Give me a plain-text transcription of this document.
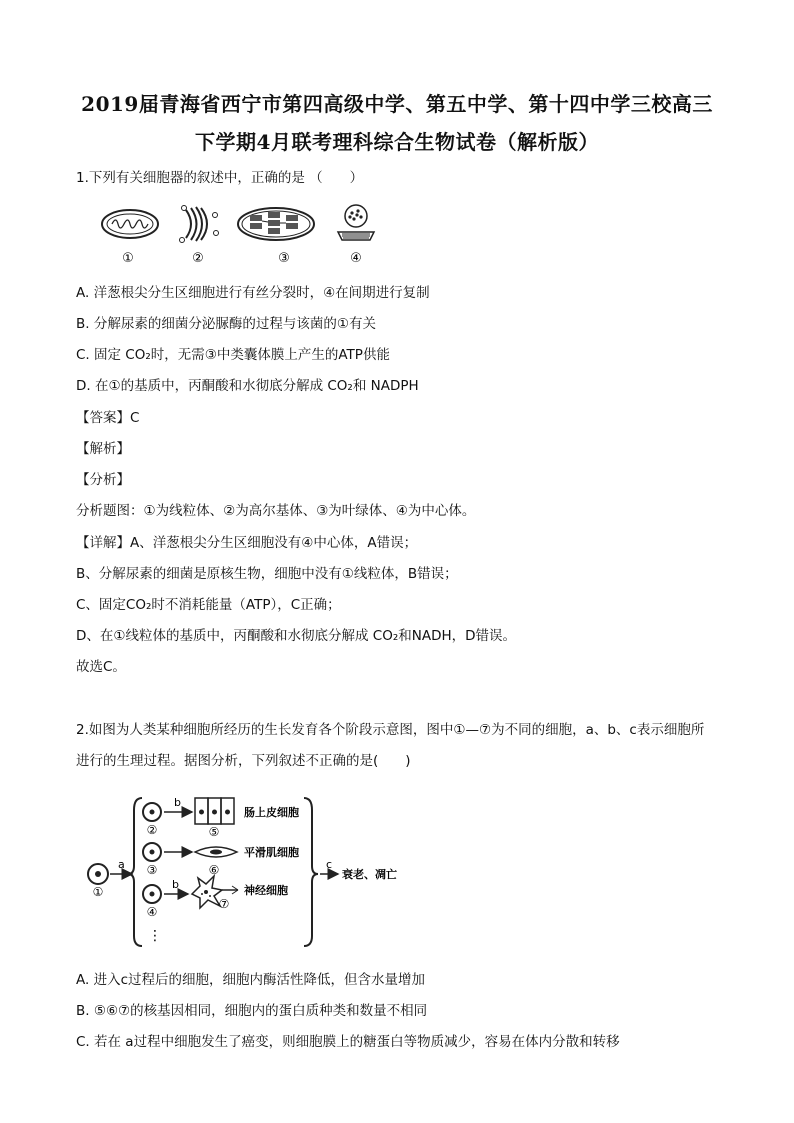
2019届青海省西宁市第四高级中学、第五中学、第十四中学三校高三
下学期4月联考理科综合生物试卷（解析版）
1.下列有关细胞器的叙述中，正确的是 （　　）
①	②	③	④
A. 洋葱根尖分生区细胞进行有丝分裂时，④在间期进行复制
B. 分解尿素的细菌分泌脲酶的过程与该菌的①有关
C. 固定 CO₂时，无需③中类囊体膜上产生的ATP供能
D. 在①的基质中，丙酮酸和水彻底分解成 CO₂和 NADPH
【答案】C
【解析】
【分析】
分析题图：①为线粒体、②为高尔基体、③为叶绿体、④为中心体。
【详解】A、洋葱根尖分生区细胞没有④中心体，A错误；
B、分解尿素的细菌是原核生物，细胞中没有①线粒体，B错误；
C、固定CO₂时不消耗能量（ATP），C正确；
D、在①线粒体的基质中，丙酮酸和水彻底分解成 CO₂和NADH，D错误。
故选C。
2.如图为人类某种细胞所经历的生长发育各个阶段示意图，图中①—⑦为不同的细胞，a、b、c表示细胞所
进行的生理过程。据图分析，下列叙述不正确的是(　　)
①
a
②
b
⑤
肠上皮细胞
③	⑥
平滑肌细胞
④
b
⑦
神经细胞
⋮
c
衰老、凋亡
A. 进入c过程后的细胞，细胞内酶活性降低，但含水量增加
B. ⑤⑥⑦的核基因相同，细胞内的蛋白质种类和数量不相同
C. 若在 a过程中细胞发生了癌变，则细胞膜上的糖蛋白等物质减少，容易在体内分散和转移
